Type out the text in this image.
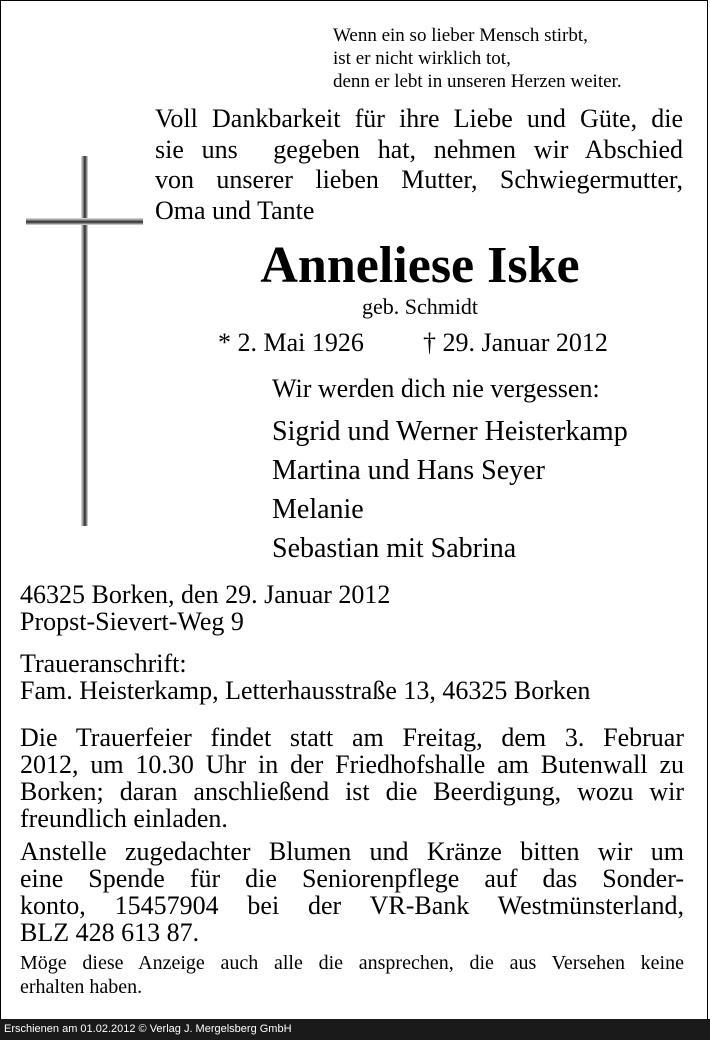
Wenn ein so lieber Mensch stirbt,
ist er nicht wirklich tot,
denn er lebt in unseren Herzen weiter.
Voll Dankbarkeit für ihre Liebe und Güte, die
sie uns  gegeben hat, nehmen wir Abschied
von unserer lieben Mutter, Schwiegermutter,
Oma und Tante
Anneliese Iske
geb. Schmidt
* 2. Mai 1926 † 29. Januar 2012
Wir werden dich nie vergessen:
Sigrid und Werner Heisterkamp
Martina und Hans Seyer
Melanie
Sebastian mit Sabrina
46325 Borken, den 29. Januar 2012
Propst-Sievert-Weg 9
Traueranschrift:
Fam. Heisterkamp, Letterhausstraße 13, 46325 Borken
Die Trauerfeier findet statt am Freitag, dem 3. Februar
2012, um 10.30 Uhr in der Friedhofshalle am Butenwall zu
Borken; daran anschließend ist die Beerdigung, wozu wir
freundlich einladen.
Anstelle zugedachter Blumen und Kränze bitten wir um
eine Spende für die Seniorenpflege auf das Sonder-
konto, 15457904 bei der VR-Bank Westmünsterland,
BLZ 428 613 87.
Möge diese Anzeige auch alle die ansprechen, die aus Versehen keine
erhalten haben.
Erschienen am 01.02.2012 © Verlag J. Mergelsberg GmbH
